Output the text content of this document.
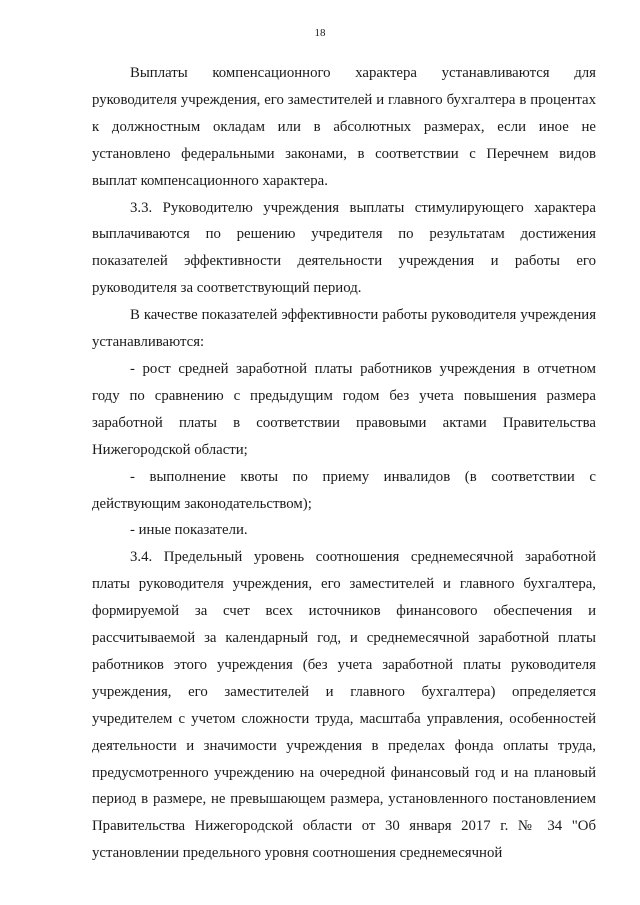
18

Выплаты компенсационного характера устанавливаются для руководителя учреждения, его заместителей и главного бухгалтера в процентах к должностным окладам или в абсолютных размерах, если иное не установлено федеральными законами, в соответствии с Перечнем видов выплат компенсационного характера.

3.3. Руководителю учреждения выплаты стимулирующего характера выплачиваются по решению учредителя по результатам достижения показателей эффективности деятельности учреждения и работы его руководителя за соответствующий период.

В качестве показателей эффективности работы руководителя учреждения устанавливаются:

- рост средней заработной платы работников учреждения в отчетном году по сравнению с предыдущим годом без учета повышения размера заработной платы в соответствии правовыми актами Правительства Нижегородской области;

- выполнение квоты по приему инвалидов (в соответствии с действующим законодательством);

- иные показатели.

3.4. Предельный уровень соотношения среднемесячной заработной платы руководителя учреждения, его заместителей и главного бухгалтера, формируемой за счет всех источников финансового обеспечения и рассчитываемой за календарный год, и среднемесячной заработной платы работников этого учреждения (без учета заработной платы руководителя учреждения, его заместителей и главного бухгалтера) определяется учредителем с учетом сложности труда, масштаба управления, особенностей деятельности и значимости учреждения в пределах фонда оплаты труда, предусмотренного учреждению на очередной финансовый год и на плановый период в размере, не превышающем размера, установленного постановлением Правительства Нижегородской области от 30 января 2017 г. № 34 "Об установлении предельного уровня соотношения среднемесячной
